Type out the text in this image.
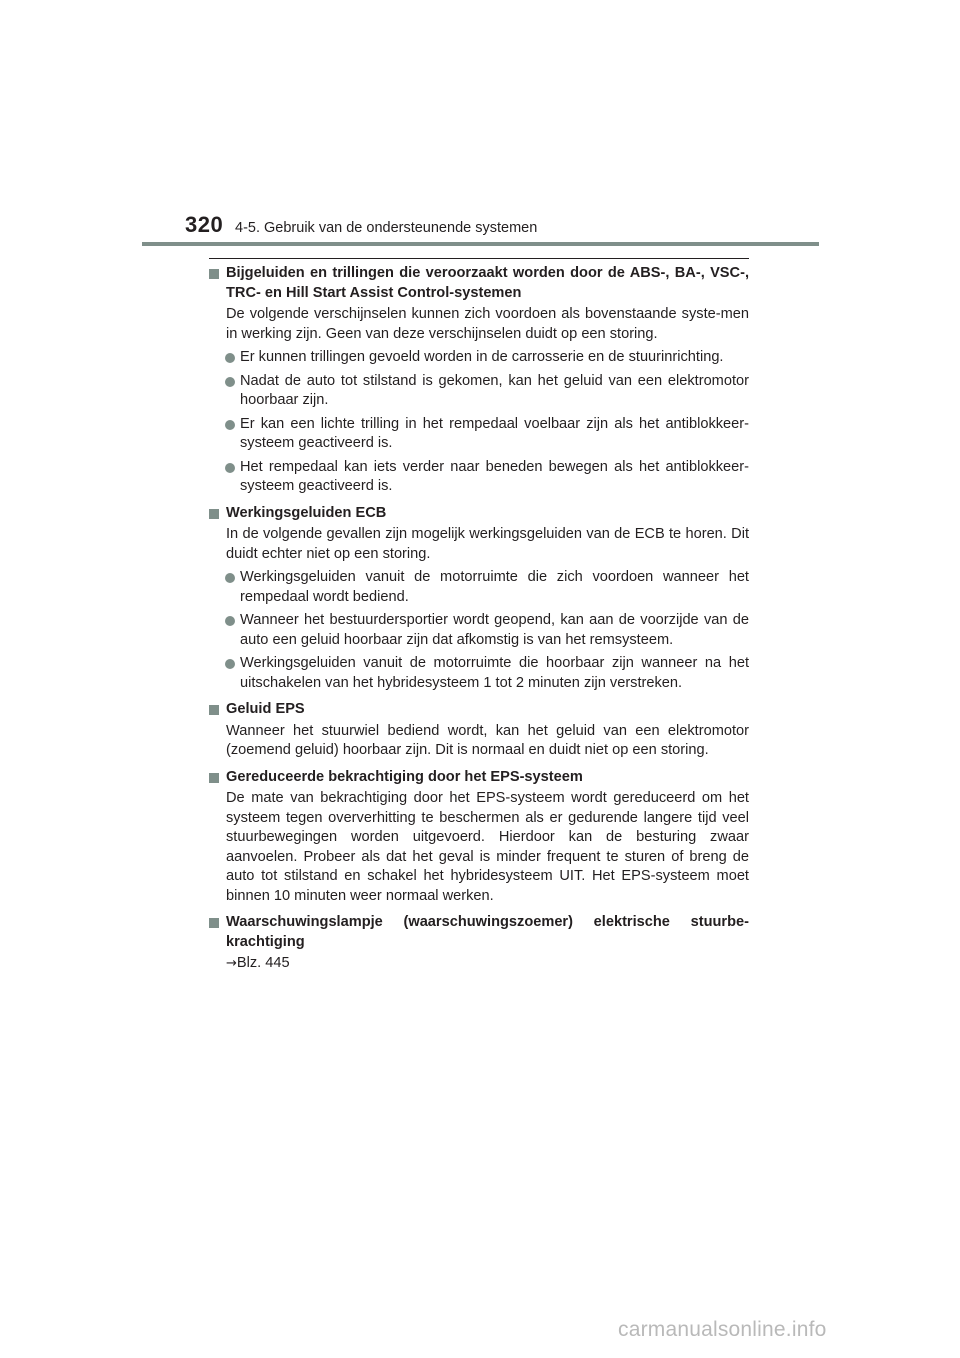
320 4-5. Gebruik van de ondersteunende systemen
Bijgeluiden en trillingen die veroorzaakt worden door de ABS-, BA-, VSC-, TRC- en Hill Start Assist Control-systemen
De volgende verschijnselen kunnen zich voordoen als bovenstaande syste-men in werking zijn. Geen van deze verschijnselen duidt op een storing.
Er kunnen trillingen gevoeld worden in de carrosserie en de stuurinrichting.
Nadat de auto tot stilstand is gekomen, kan het geluid van een elektromotor hoorbaar zijn.
Er kan een lichte trilling in het rempedaal voelbaar zijn als het antiblokkeer-systeem geactiveerd is.
Het rempedaal kan iets verder naar beneden bewegen als het antiblokkeer-systeem geactiveerd is.
Werkingsgeluiden ECB
In de volgende gevallen zijn mogelijk werkingsgeluiden van de ECB te horen. Dit duidt echter niet op een storing.
Werkingsgeluiden vanuit de motorruimte die zich voordoen wanneer het rempedaal wordt bediend.
Wanneer het bestuurdersportier wordt geopend, kan aan de voorzijde van de auto een geluid hoorbaar zijn dat afkomstig is van het remsysteem.
Werkingsgeluiden vanuit de motorruimte die hoorbaar zijn wanneer na het uitschakelen van het hybridesysteem 1 tot 2 minuten zijn verstreken.
Geluid EPS
Wanneer het stuurwiel bediend wordt, kan het geluid van een elektromotor (zoemend geluid) hoorbaar zijn. Dit is normaal en duidt niet op een storing.
Gereduceerde bekrachtiging door het EPS-systeem
De mate van bekrachtiging door het EPS-systeem wordt gereduceerd om het systeem tegen oververhitting te beschermen als er gedurende langere tijd veel stuurbewegingen worden uitgevoerd. Hierdoor kan de besturing zwaar aanvoelen. Probeer als dat het geval is minder frequent te sturen of breng de auto tot stilstand en schakel het hybridesysteem UIT. Het EPS-systeem moet binnen 10 minuten weer normaal werken.
Waarschuwingslampje (waarschuwingszoemer) elektrische stuurbe-krachtiging
→Blz. 445
carmanualsonline.info
